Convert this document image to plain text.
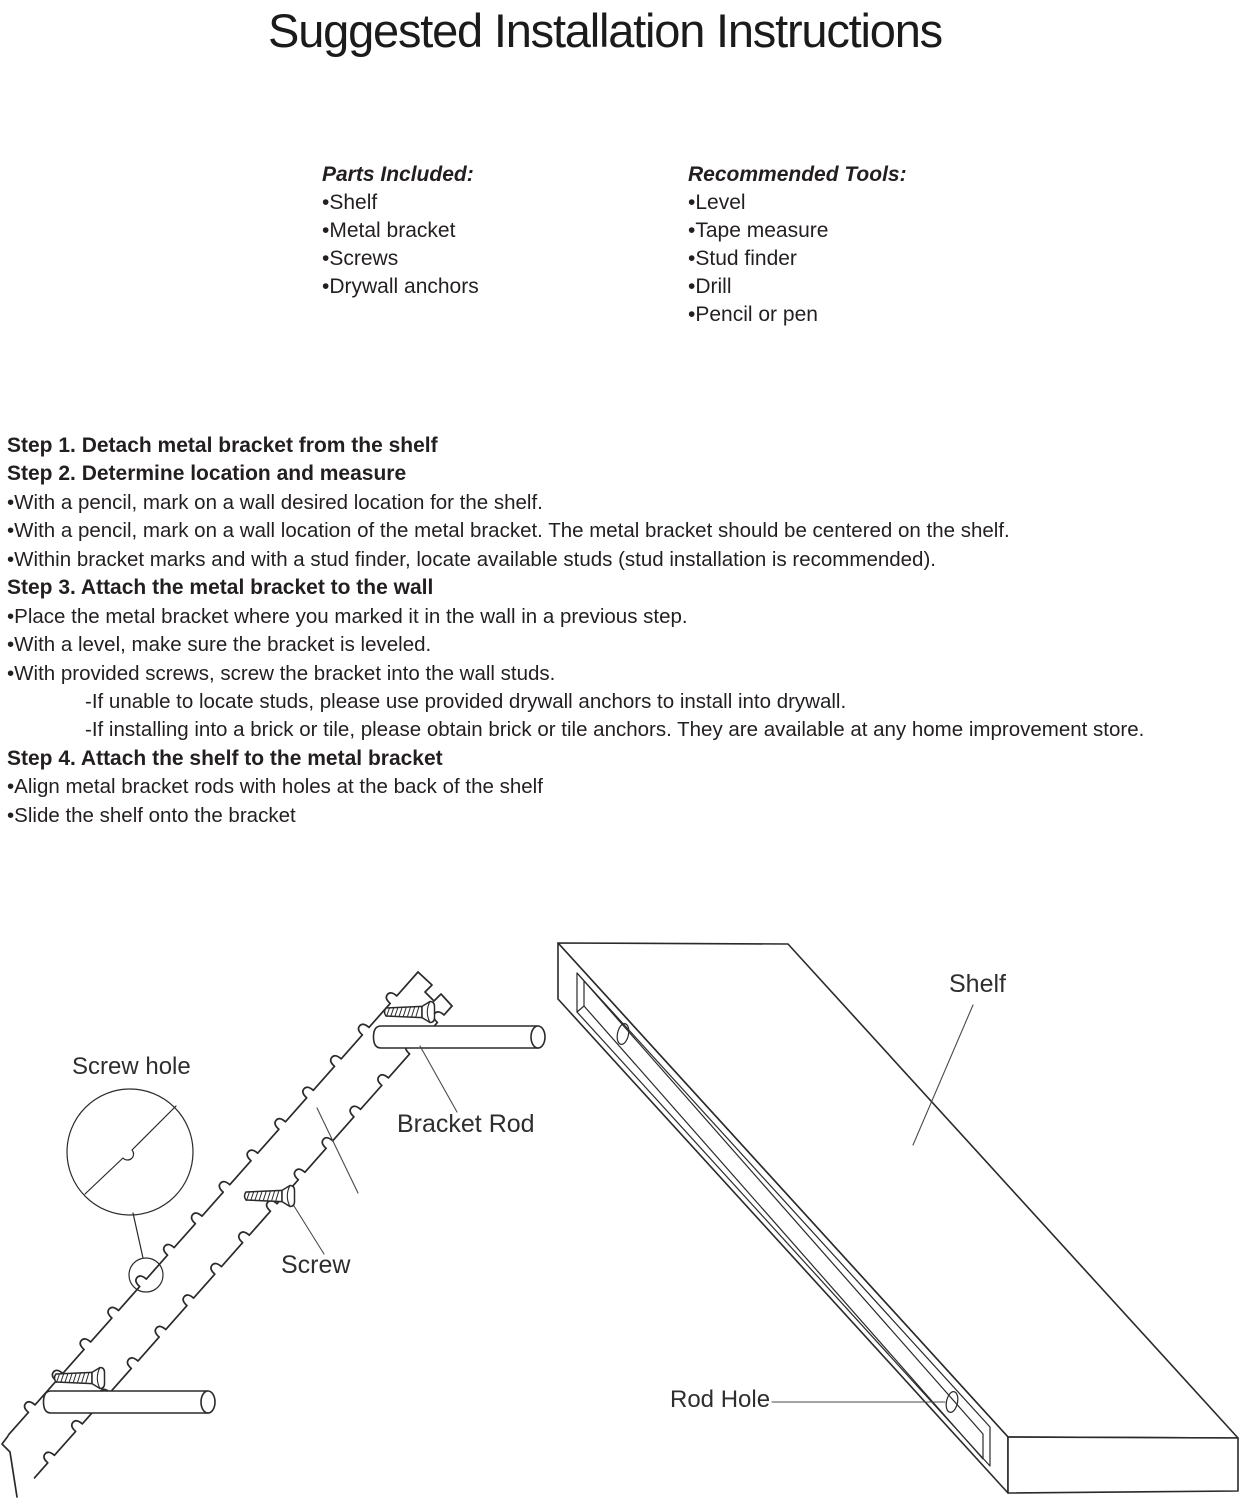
Suggested Installation Instructions
Parts Included:
•Shelf
•Metal bracket
•Screws
•Drywall anchors
Recommended Tools:
•Level
•Tape measure
•Stud finder
•Drill
•Pencil or pen
Step 1. Detach metal bracket from the shelf
Step 2. Determine location and measure
•With a pencil, mark on a wall desired location for the shelf.
•With a pencil, mark on a wall location of the metal bracket. The metal bracket should be centered on the shelf.
•Within bracket marks and with a stud finder, locate available studs (stud installation is recommended).
Step 3. Attach the metal bracket to the wall
•Place the metal bracket where you marked it in the wall in a previous step.
•With a level, make sure the bracket is leveled.
•With provided screws, screw the bracket into the wall studs.
-If unable to locate studs, please use provided drywall anchors to install into drywall.
-If installing into a brick or tile, please obtain brick or tile anchors. They are available at any home improvement store.
Step 4. Attach the shelf to the metal bracket
•Align metal bracket rods with holes at the back of the shelf
•Slide the shelf onto the bracket
Screw hole
Bracket Rod
Screw
Shelf
Rod Hole
